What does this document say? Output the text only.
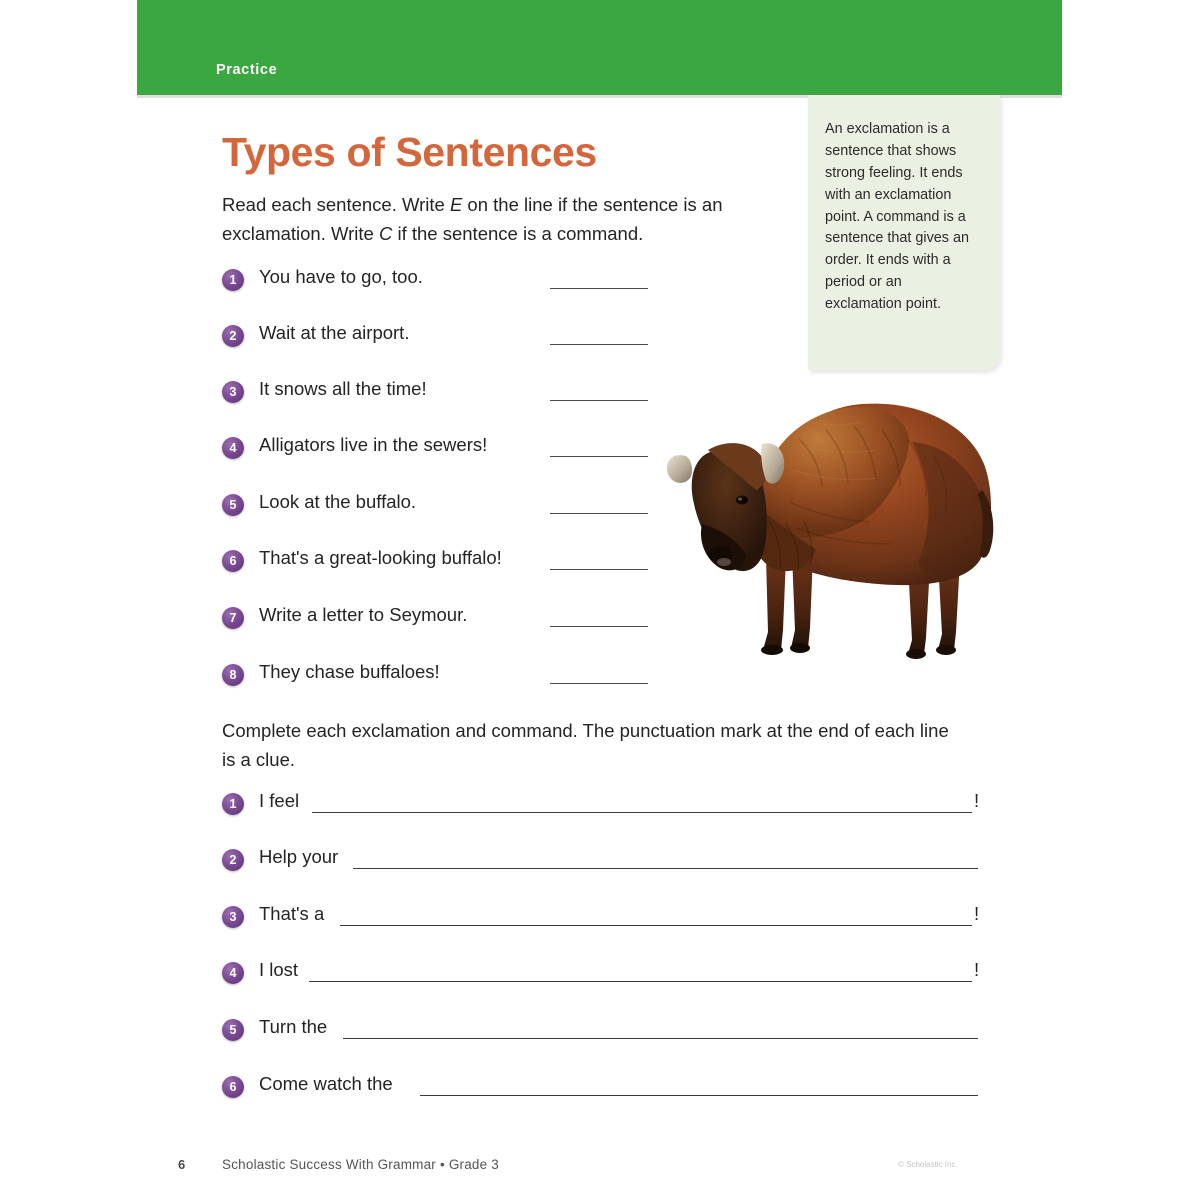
Practice
An exclamation is a sentence that shows strong feeling. It ends with an exclamation point. A command is a sentence that gives an order. It ends with a period or an exclamation point.
Types of Sentences
Read each sentence. Write E on the line if the sentence is an exclamation. Write C if the sentence is a command.
1	You have to go, too.
2	Wait at the airport.
3	It snows all the time!
4	Alligators live in the sewers!
5	Look at the buffalo.
6	That's a great-looking buffalo!
7	Write a letter to Seymour.
8	They chase buffaloes!
Complete each exclamation and command. The punctuation mark at the end of each line is a clue.
1	I feel	!
2	Help your
3	That's a	!
4	I lost	!
5	Turn the
6	Come watch the
6	Scholastic Success With Grammar • Grade 3	© Scholastic Inc.
